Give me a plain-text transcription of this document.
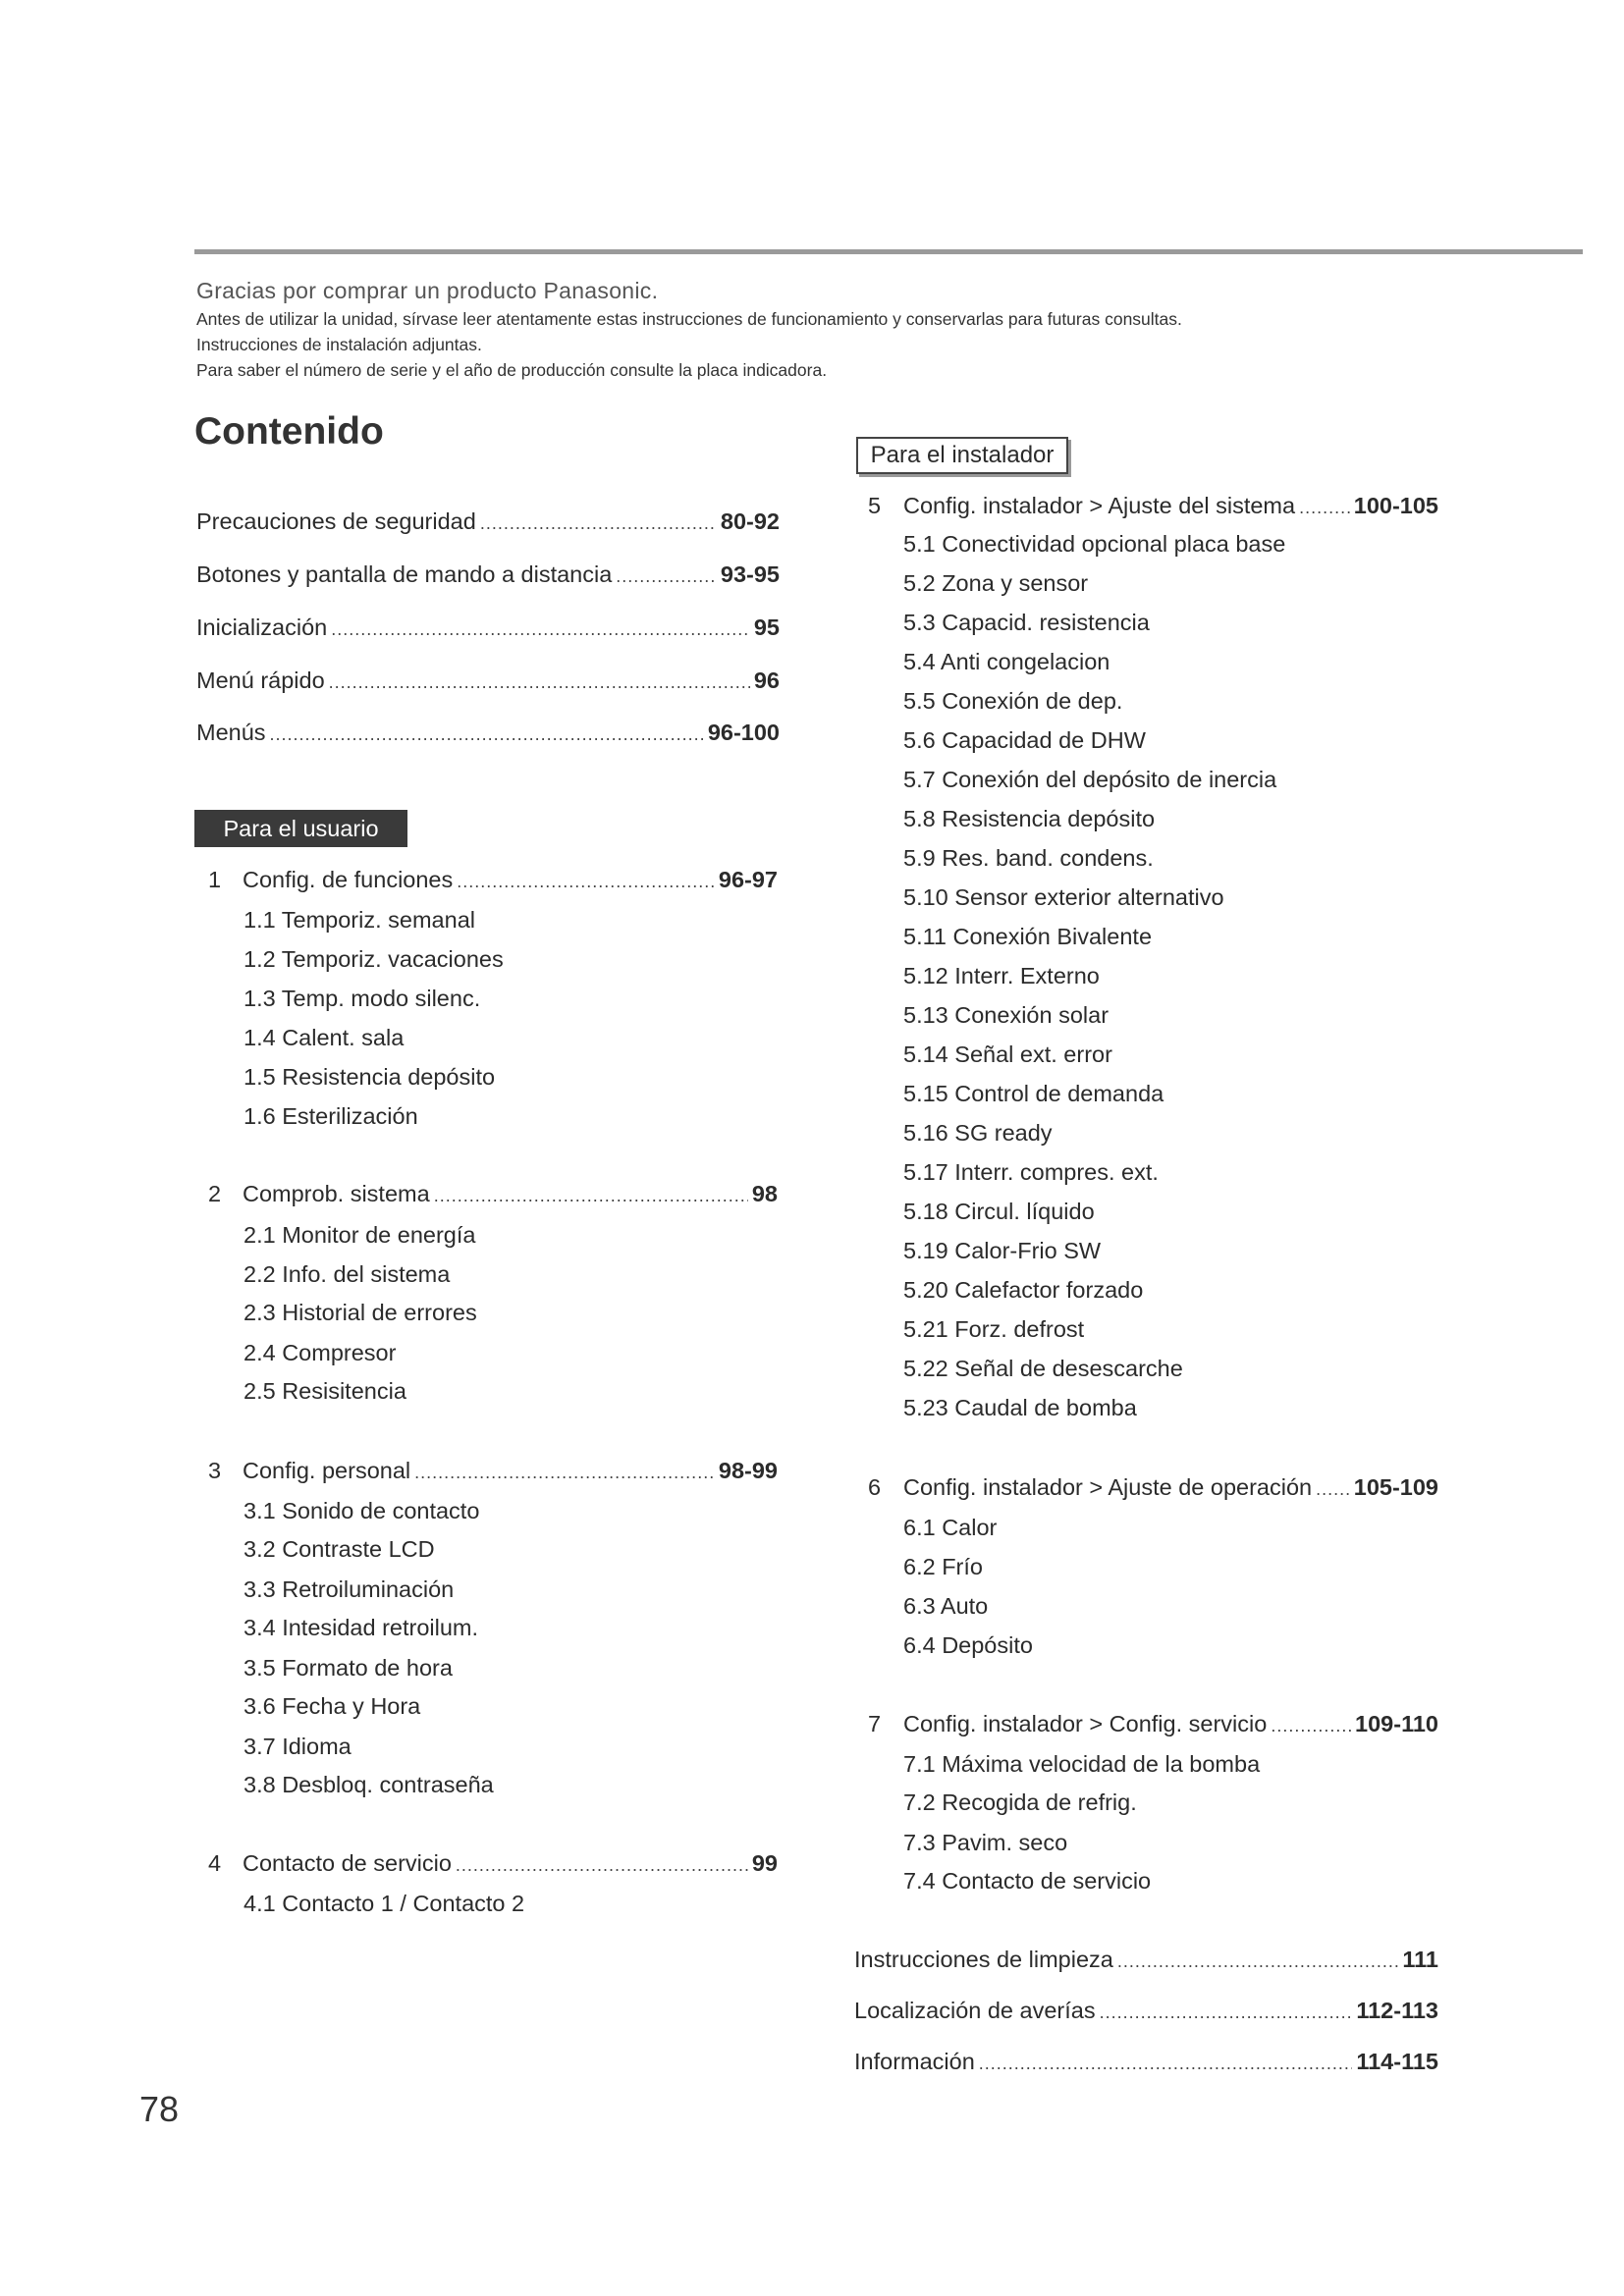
Gracias por comprar un producto Panasonic.
Antes de utilizar la unidad, sírvase leer atentamente estas instrucciones de funcionamiento y conservarlas para futuras consultas.
Instrucciones de instalación adjuntas.
Para saber el número de serie y el año de producción consulte la placa indicadora.
Contenido
Precauciones de seguridad .....	80-92
Botones y pantalla de mando a distancia .....	93-95
Inicialización .....	95
Menú rápido .....	96
Menús .....	96-100
Para el usuario
1 Config. de funciones .....	96-97
1.1 Temporiz. semanal
1.2 Temporiz. vacaciones
1.3 Temp. modo silenc.
1.4 Calent. sala
1.5 Resistencia depósito
1.6 Esterilización
2 Comprob. sistema .....	98
2.1 Monitor de energía
2.2 Info. del sistema
2.3 Historial de errores
2.4 Compresor
2.5 Resisitencia
3 Config. personal .....	98-99
3.1 Sonido de contacto
3.2 Contraste LCD
3.3 Retroiluminación
3.4 Intesidad retroilum.
3.5 Formato de hora
3.6 Fecha y Hora
3.7 Idioma
3.8 Desbloq. contraseña
4 Contacto de servicio .....	99
4.1 Contacto 1 / Contacto 2
Para el instalador
5 Config. instalador > Ajuste del sistema .....	100-105
5.1 Conectividad opcional placa base
5.2 Zona y sensor
5.3 Capacid. resistencia
5.4 Anti congelacion
5.5 Conexión de dep.
5.6 Capacidad de DHW
5.7 Conexión del depósito de inercia
5.8 Resistencia depósito
5.9 Res. band. condens.
5.10 Sensor exterior alternativo
5.11 Conexión Bivalente
5.12 Interr. Externo
5.13 Conexión solar
5.14 Señal ext. error
5.15 Control de demanda
5.16 SG ready
5.17 Interr. compres. ext.
5.18 Circul. líquido
5.19 Calor-Frio SW
5.20 Calefactor forzado
5.21 Forz. defrost
5.22 Señal de desescarche
5.23 Caudal de bomba
6 Config. instalador > Ajuste de operación ..... 105-109
6.1 Calor
6.2 Frío
6.3 Auto
6.4 Depósito
7 Config. instalador > Config. servicio .....	109-110
7.1 Máxima velocidad de la bomba
7.2 Recogida de refrig.
7.3 Pavim. seco
7.4 Contacto de servicio
Instrucciones de limpieza .....	111
Localización de averías .....	112-113
Información .....	114-115
78
